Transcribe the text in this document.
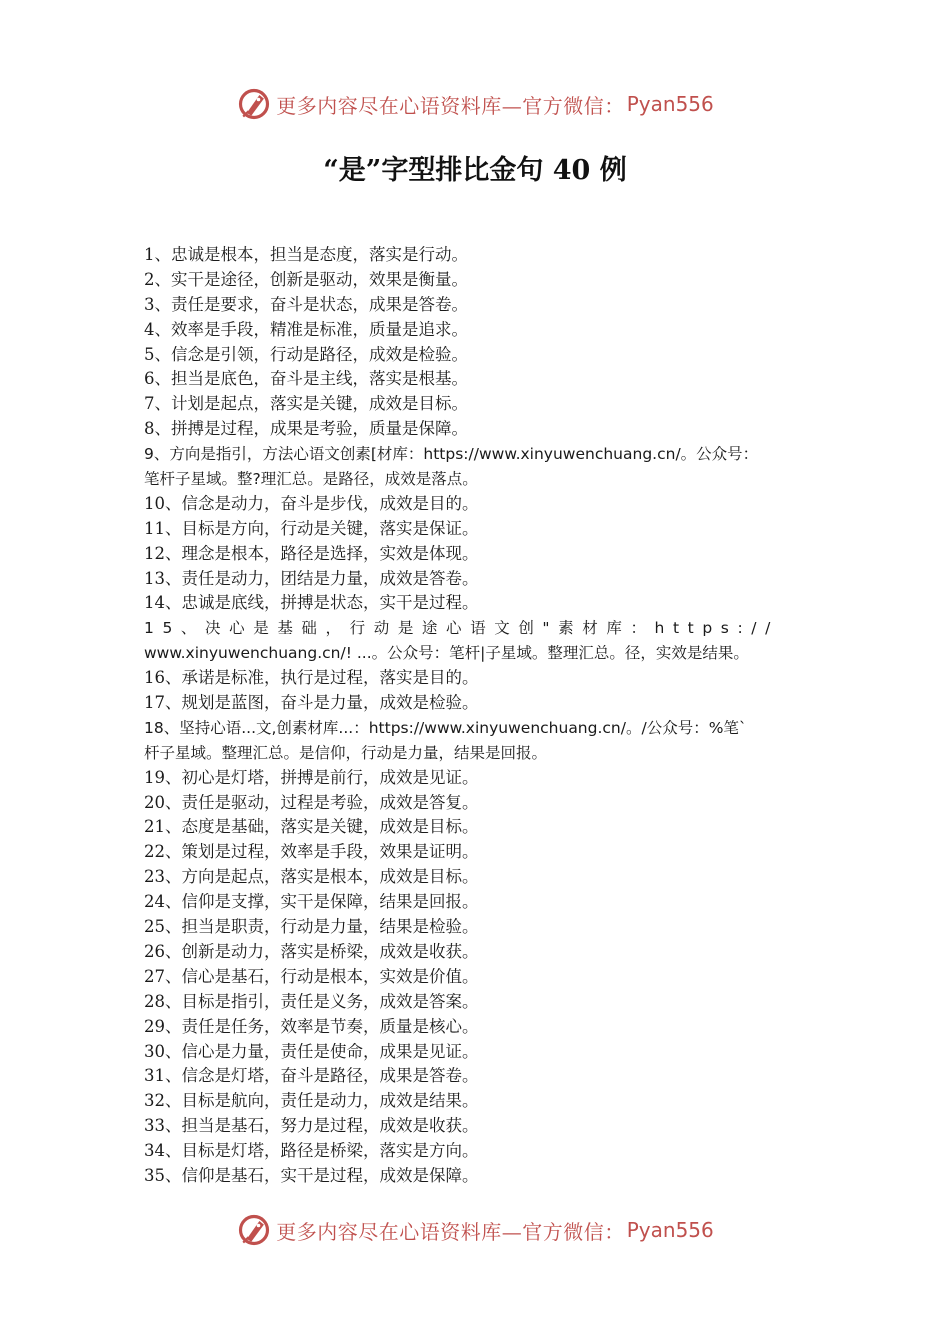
更多内容尽在心语资料库—官方微信： Pyan556
“是”字型排比金句 40 例
1、忠诚是根本，担当是态度，落实是行动。
2、实干是途径，创新是驱动，效果是衡量。
3、责任是要求，奋斗是状态，成果是答卷。
4、效率是手段，精准是标准，质量是追求。
5、信念是引领，行动是路径，成效是检验。
6、担当是底色，奋斗是主线，落实是根基。
7、计划是起点，落实是关键，成效是目标。
8、拼搏是过程，成果是考验，质量是保障。
9、方向是指引，方法心语文创素[材库：https://www.xinyuwenchuang.cn/。公众号：
笔杆子星域。整?理汇总。是路径，成效是落点。
10、信念是动力，奋斗是步伐，成效是目的。
11、目标是方向，行动是关键，落实是保证。
12、理念是根本，路径是选择，实效是体现。
13、责任是动力，团结是力量，成效是答卷。
14、忠诚是底线，拼搏是状态，实干是过程。
15、决心是基础，行动是途心语文创"素材库：https://
www.xinyuwenchuang.cn/! ...。公众号：笔杆|子星域。整理汇总。径，实效是结果。
16、承诺是标准，执行是过程，落实是目的。
17、规划是蓝图，奋斗是力量，成效是检验。
18、坚持心语...文,创素材库...：https://www.xinyuwenchuang.cn/。/公众号：%笔`
杆子星域。整理汇总。是信仰，行动是力量，结果是回报。
19、初心是灯塔，拼搏是前行，成效是见证。
20、责任是驱动，过程是考验，成效是答复。
21、态度是基础，落实是关键，成效是目标。
22、策划是过程，效率是手段，效果是证明。
23、方向是起点，落实是根本，成效是目标。
24、信仰是支撑，实干是保障，结果是回报。
25、担当是职责，行动是力量，结果是检验。
26、创新是动力，落实是桥梁，成效是收获。
27、信心是基石，行动是根本，实效是价值。
28、目标是指引，责任是义务，成效是答案。
29、责任是任务，效率是节奏，质量是核心。
30、信心是力量，责任是使命，成果是见证。
31、信念是灯塔，奋斗是路径，成果是答卷。
32、目标是航向，责任是动力，成效是结果。
33、担当是基石，努力是过程，成效是收获。
34、目标是灯塔，路径是桥梁，落实是方向。
35、信仰是基石，实干是过程，成效是保障。
更多内容尽在心语资料库—官方微信： Pyan556
